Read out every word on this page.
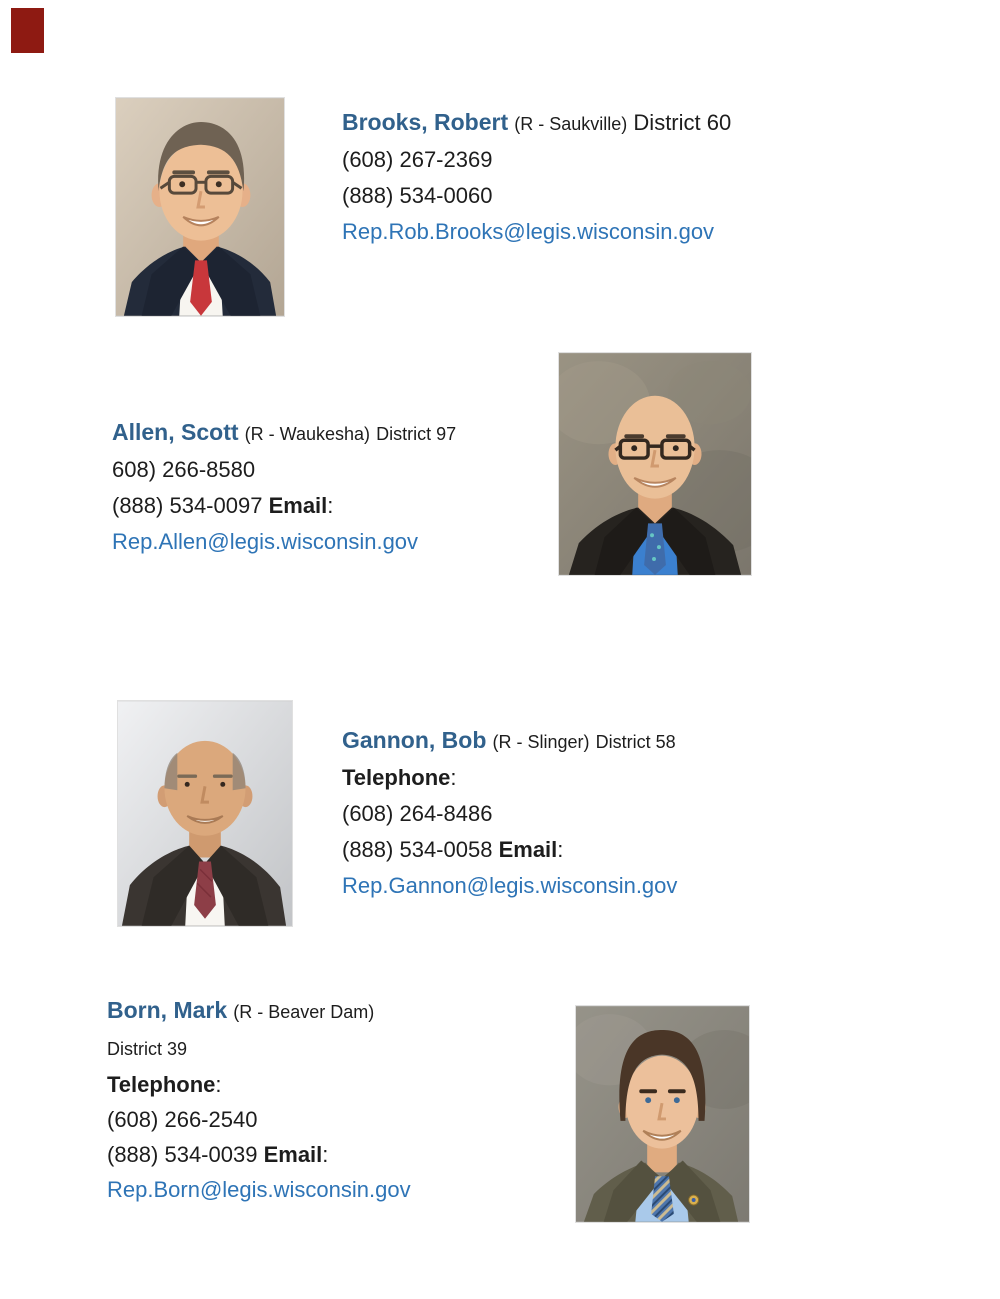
Brooks, Robert (R - Saukville) District 60
(608) 267-2369
(888) 534-0060
Rep.Rob.Brooks@legis.wisconsin.gov
Allen, Scott (R - Waukesha) District 97
608) 266-8580
(888) 534-0097 Email:
Rep.Allen@legis.wisconsin.gov
Gannon, Bob (R - Slinger) District 58
Telephone:
(608) 264-8486
(888) 534-0058 Email:
Rep.Gannon@legis.wisconsin.gov
Born, Mark (R - Beaver Dam)
District 39
Telephone:
(608) 266-2540
(888) 534-0039 Email:
Rep.Born@legis.wisconsin.gov
